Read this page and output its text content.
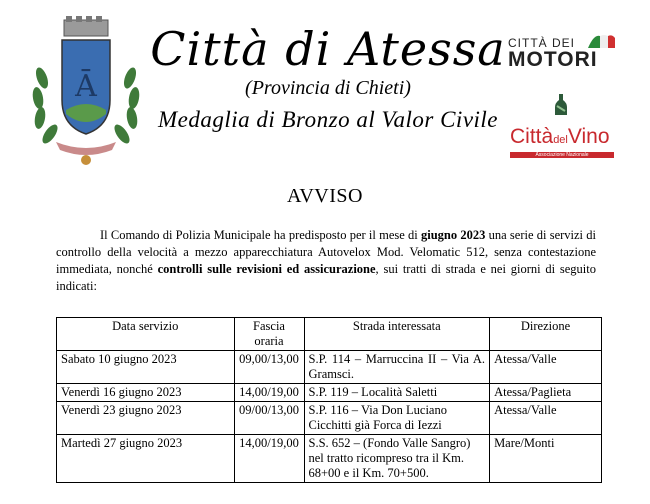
Ā
Città di Atessa
(Provincia di Chieti)
Medaglia di Bronzo al Valor Civile
CITTÀ DEI
MOTORI
CittàdelVino
Associazione Nazionale
AVVISO

Il Comando di Polizia Municipale ha predisposto per il mese di giugno 2023 una serie di servizi di controllo della velocità a mezzo apparecchiatura Autovelox Mod. Velomatic 512, senza contestazione immediata, nonché controlli sulle revisioni ed assicurazione, sui tratti di strada e nei giorni di seguito indicati:

Data servizio	Fascia oraria	Strada interessata	Direzione
Sabato 10 giugno 2023	09,00/13,00	S.P. 114 – Marruccina II – Via A. Gramsci.	Atessa/Valle
Venerdì 16 giugno 2023	14,00/19,00	S.P. 119 – Località Saletti	Atessa/Paglieta
Venerdì 23 giugno 2023	09/00/13,00	S.P. 116 – Via Don Luciano Cicchitti già Forca di Iezzi	Atessa/Valle
Martedì 27 giugno 2023	14,00/19,00	S.S. 652 – (Fondo Valle Sangro) nel tratto ricompreso tra il Km. 68+00 e il Km. 70+500.	Mare/Monti
